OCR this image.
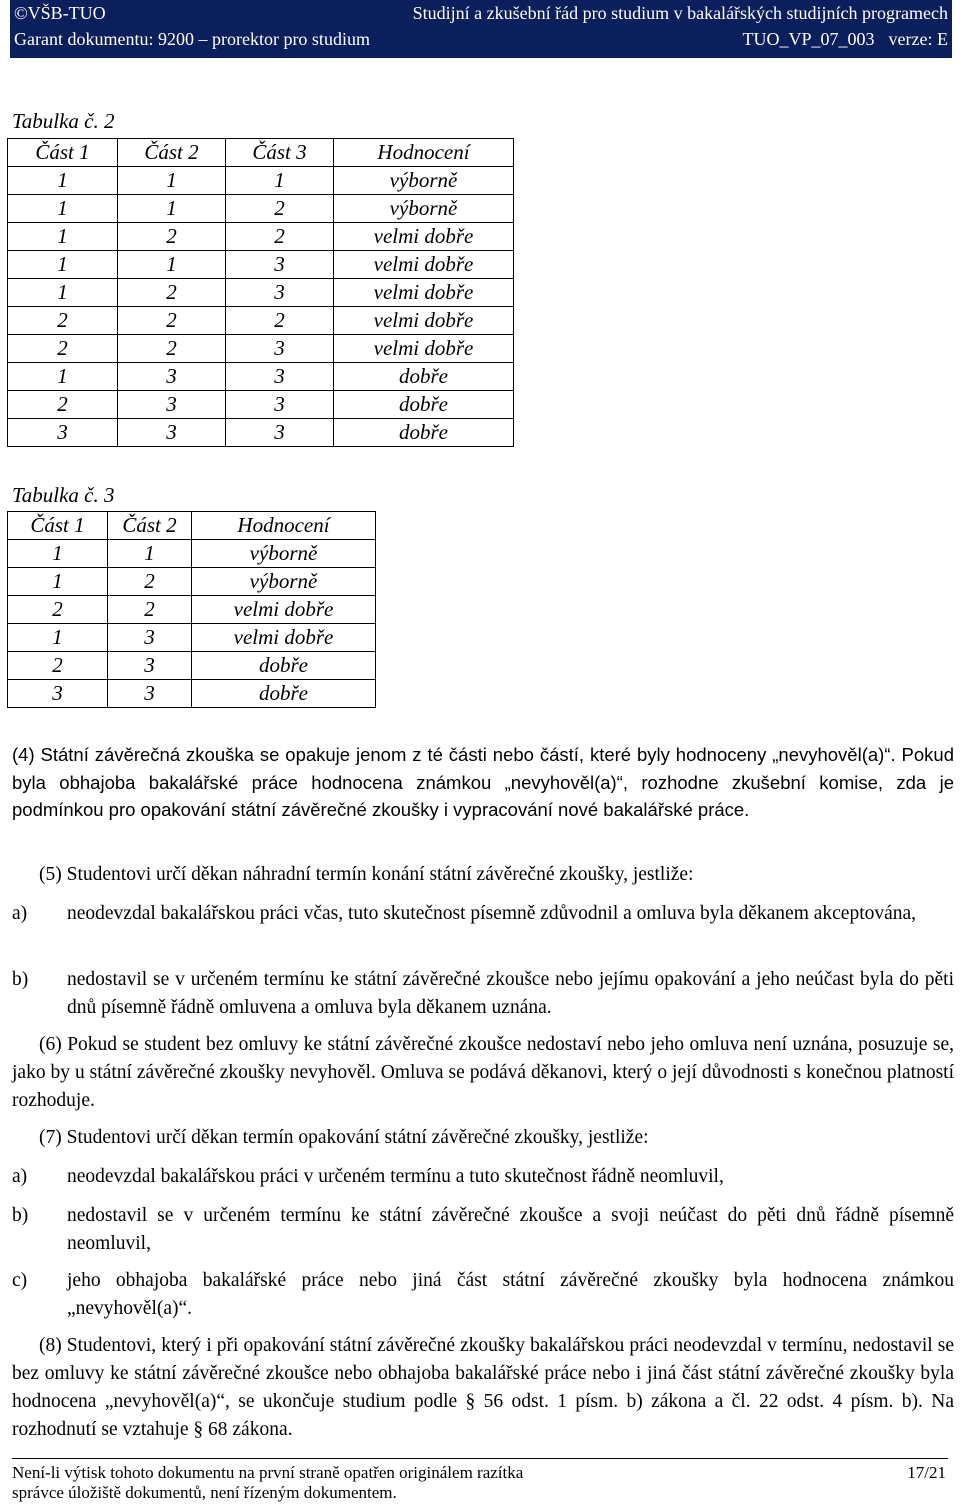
©VŠB-TUO	Studijní a zkušební řád pro studium v bakalářských studijních programech
Garant dokumentu: 9200 – prorektor pro studium	TUO_VP_07_003 verze: E
Tabulka č. 2
Část 1	Část 2	Část 3	Hodnocení
1	1	1	výborně
1	1	2	výborně
1	2	2	velmi dobře
1	1	3	velmi dobře
1	2	3	velmi dobře
2	2	2	velmi dobře
2	2	3	velmi dobře
1	3	3	dobře
2	3	3	dobře
3	3	3	dobře
Tabulka č. 3
Část 1	Část 2	Hodnocení
1	1	výborně
1	2	výborně
2	2	velmi dobře
1	3	velmi dobře
2	3	dobře
3	3	dobře
(4) Státní závěrečná zkouška se opakuje jenom z té části nebo částí, které byly hodnoceny „nevyhověl(a)“. Pokud byla obhajoba bakalářské práce hodnocena známkou „nevyhověl(a)“, rozhodne zkušební komise, zda je podmínkou pro opakování státní závěrečné zkoušky i vypracování nové bakalářské práce.
(5) Studentovi určí děkan náhradní termín konání státní závěrečné zkoušky, jestliže:
a)	neodevzdal bakalářskou práci včas, tuto skutečnost písemně zdůvodnil a omluva byla děkanem akceptována,
b)	nedostavil se v určeném termínu ke státní závěrečné zkoušce nebo jejímu opakování a jeho neúčast byla do pěti dnů písemně řádně omluvena a omluva byla děkanem uznána.
(6) Pokud se student bez omluvy ke státní závěrečné zkoušce nedostaví nebo jeho omluva není uznána, posuzuje se, jako by u státní závěrečné zkoušky nevyhověl. Omluva se podává děkanovi, který o její důvodnosti s konečnou platností rozhoduje.
(7) Studentovi určí děkan termín opakování státní závěrečné zkoušky, jestliže:
a)	neodevzdal bakalářskou práci v určeném termínu a tuto skutečnost řádně neomluvil,
b)	nedostavil se v určeném termínu ke státní závěrečné zkoušce a svoji neúčast do pěti dnů řádně písemně neomluvil,
c)	jeho obhajoba bakalářské práce nebo jiná část státní závěrečné zkoušky byla hodnocena známkou „nevyhověl(a)“.
(8) Studentovi, který i při opakování státní závěrečné zkoušky bakalářskou práci neodevzdal v termínu, nedostavil se bez omluvy ke státní závěrečné zkoušce nebo obhajoba bakalářské práce nebo i jiná část státní závěrečné zkoušky byla hodnocena „nevyhověl(a)“, se ukončuje studium podle § 56 odst. 1 písm. b) zákona a čl. 22 odst. 4 písm. b). Na rozhodnutí se vztahuje § 68 zákona.
Není-li výtisk tohoto dokumentu na první straně opatřen originálem razítka
správce úložiště dokumentů, není řízeným dokumentem.
17/21
